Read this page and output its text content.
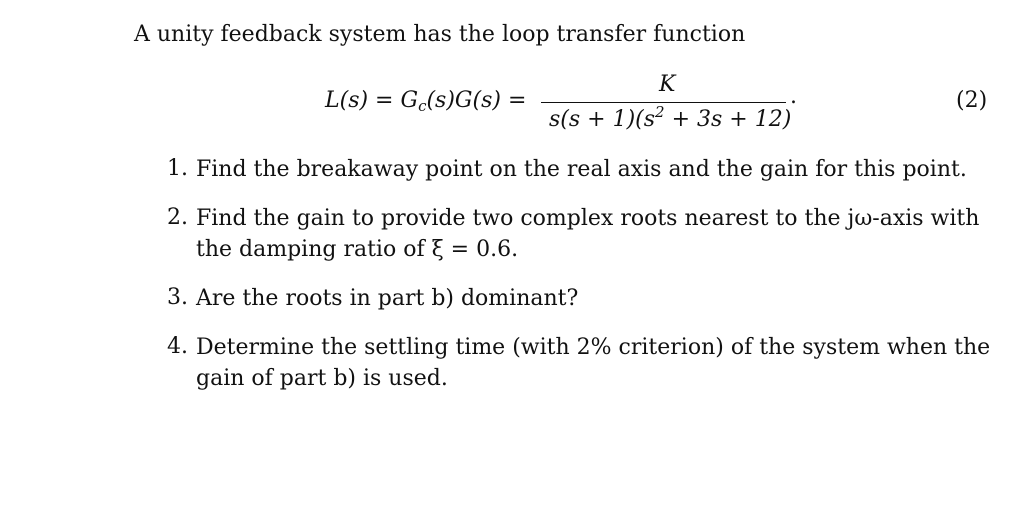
A unity feedback system has the loop transfer function
$L(s) = G_c(s)G(s)$ =
K
$s(s + 1)(s^2 + 3s + 12)$
.	(2)
1. Find the breakaway point on the real axis and the gain for this point.
2. Find the gain to provide two complex roots nearest to the jω-axis with
the damping ratio of ξ = 0.6.
3. Are the roots in part b) dominant?
4. Determine the settling time (with 2% criterion) of the system when the
gain of part b) is used.
